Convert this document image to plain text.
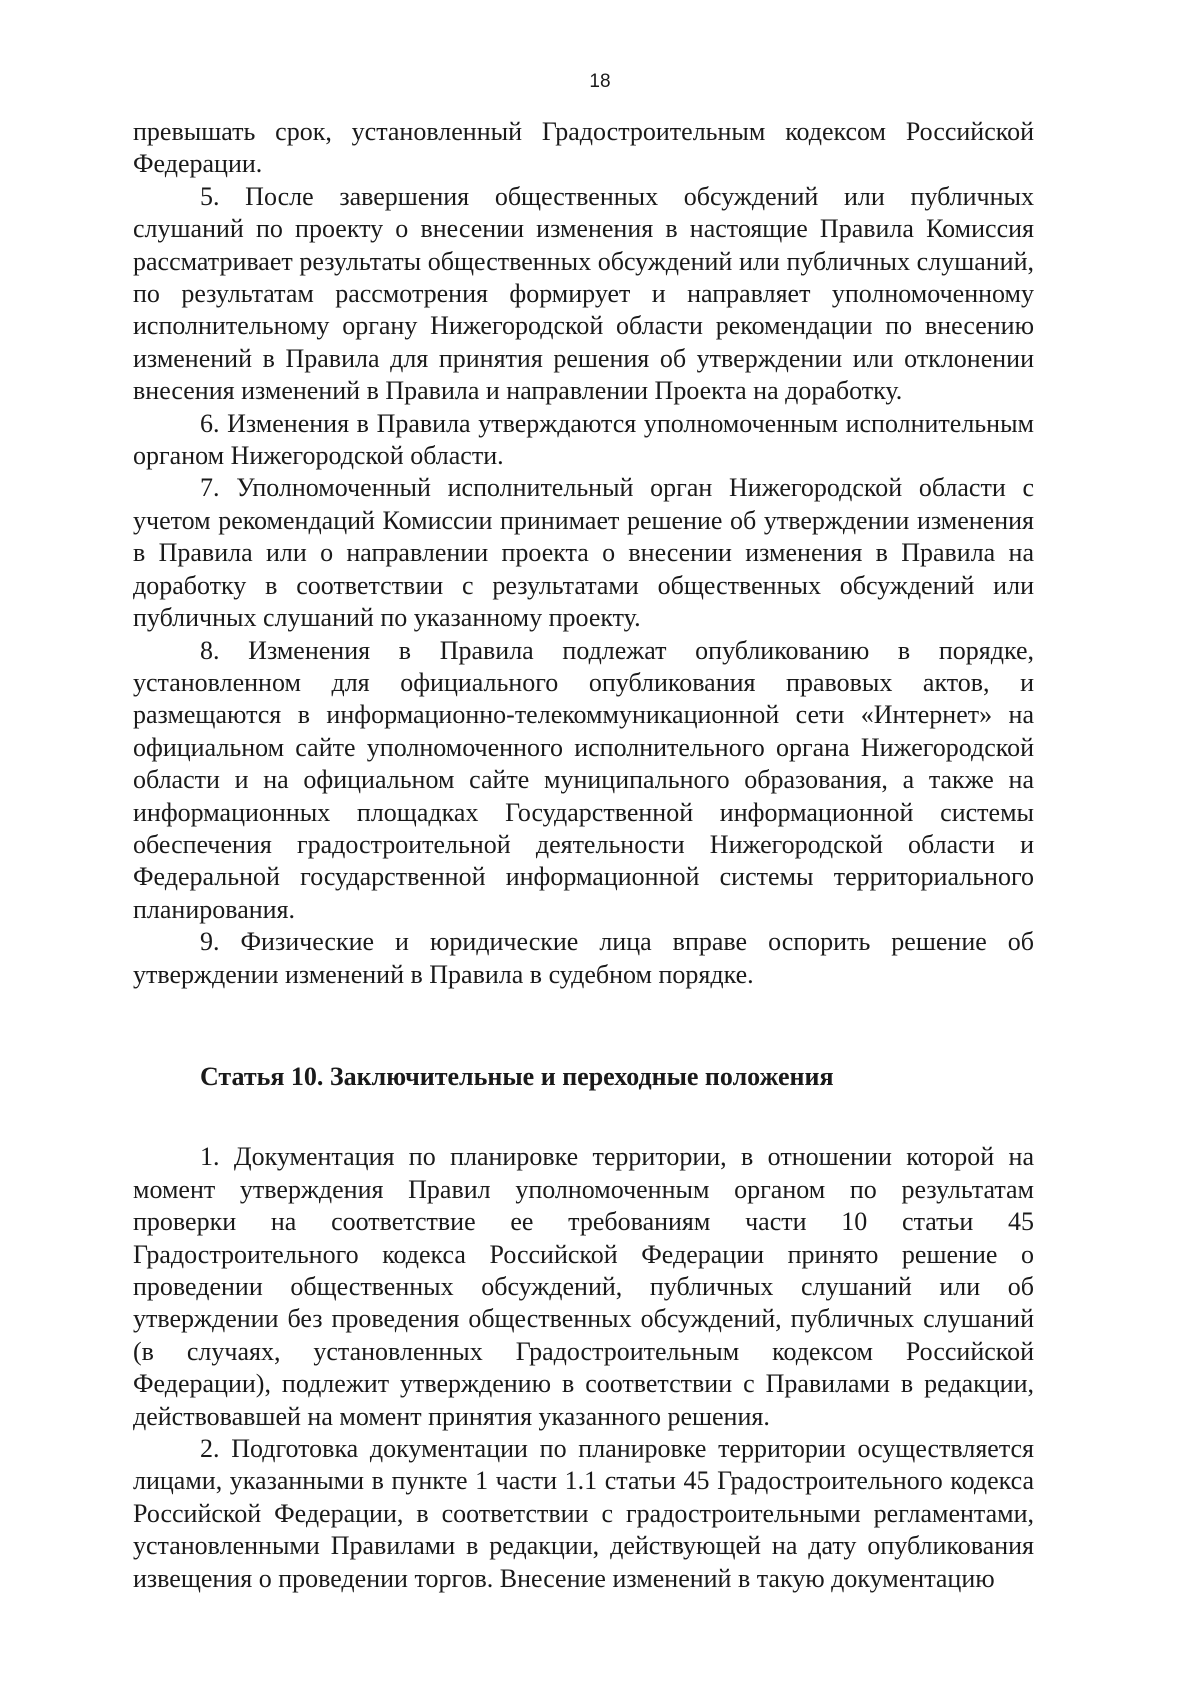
18

превышать срок, установленный Градостроительным кодексом Российской Федерации.

5. После завершения общественных обсуждений или публичных слушаний по проекту о внесении изменения в настоящие Правила Комиссия рассматривает результаты общественных обсуждений или публичных слушаний, по результатам рассмотрения формирует и направляет уполномоченному исполнительному органу Нижегородской области рекомендации по внесению изменений в Правила для принятия решения об утверждении или отклонении внесения изменений в Правила и направлении Проекта на доработку.

6. Изменения в Правила утверждаются уполномоченным исполнительным органом Нижегородской области.

7. Уполномоченный исполнительный орган Нижегородской области с учетом рекомендаций Комиссии принимает решение об утверждении изменения в Правила или о направлении проекта о внесении изменения в Правила на доработку в соответствии с результатами общественных обсуждений или публичных слушаний по указанному проекту.

8. Изменения в Правила подлежат опубликованию в порядке, установленном для официального опубликования правовых актов, и размещаются в информационно-телекоммуникационной сети «Интернет» на официальном сайте уполномоченного исполнительного органа Нижегородской области и на официальном сайте муниципального образования, а также на информационных площадках Государственной информационной системы обеспечения градостроительной деятельности Нижегородской области и Федеральной государственной информационной системы территориального планирования.

9. Физические и юридические лица вправе оспорить решение об утверждении изменений в Правила в судебном порядке.

Статья 10. Заключительные и переходные положения

1. Документация по планировке территории, в отношении которой на момент утверждения Правил уполномоченным органом по результатам проверки на соответствие ее требованиям части 10 статьи 45 Градостроительного кодекса Российской Федерации принято решение о проведении общественных обсуждений, публичных слушаний или об утверждении без проведения общественных обсуждений, публичных слушаний (в случаях, установленных Градостроительным кодексом Российской Федерации), подлежит утверждению в соответствии с Правилами в редакции, действовавшей на момент принятия указанного решения.

2. Подготовка документации по планировке территории осуществляется лицами, указанными в пункте 1 части 1.1 статьи 45 Градостроительного кодекса Российской Федерации, в соответствии с градостроительными регламентами, установленными Правилами в редакции, действующей на дату опубликования извещения о проведении торгов. Внесение изменений в такую документацию
